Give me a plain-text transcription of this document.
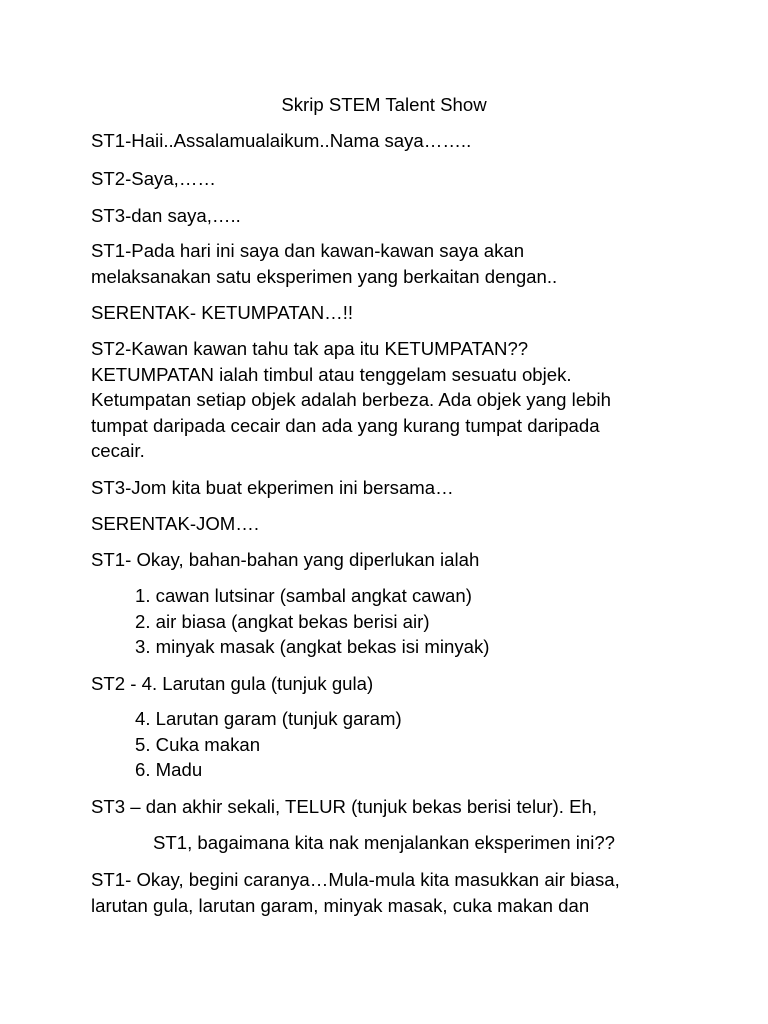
Skrip STEM Talent Show
ST1-Haii..Assalamualaikum..Nama saya……..
ST2-Saya,……
ST3-dan saya,…..
ST1-Pada hari ini saya dan kawan-kawan saya akan
melaksanakan satu eksperimen yang berkaitan dengan..
SERENTAK- KETUMPATAN…!!
ST2-Kawan kawan tahu tak apa itu KETUMPATAN??
KETUMPATAN ialah timbul atau tenggelam sesuatu objek.
Ketumpatan setiap objek adalah berbeza. Ada objek yang lebih
tumpat daripada cecair dan ada yang kurang tumpat daripada
cecair.
ST3-Jom kita buat ekperimen ini bersama…
SERENTAK-JOM….
ST1- Okay, bahan-bahan yang diperlukan ialah
1. cawan lutsinar (sambal angkat cawan)
2. air biasa (angkat bekas berisi air)
3. minyak masak (angkat bekas isi minyak)
ST2 - 4. Larutan gula (tunjuk gula)
4. Larutan garam (tunjuk garam)
5. Cuka makan
6. Madu
ST3 – dan akhir sekali, TELUR (tunjuk bekas berisi telur). Eh,
ST1, bagaimana kita nak menjalankan eksperimen ini??
ST1- Okay, begini caranya…Mula-mula kita masukkan air biasa,
larutan gula, larutan garam, minyak masak, cuka makan dan
